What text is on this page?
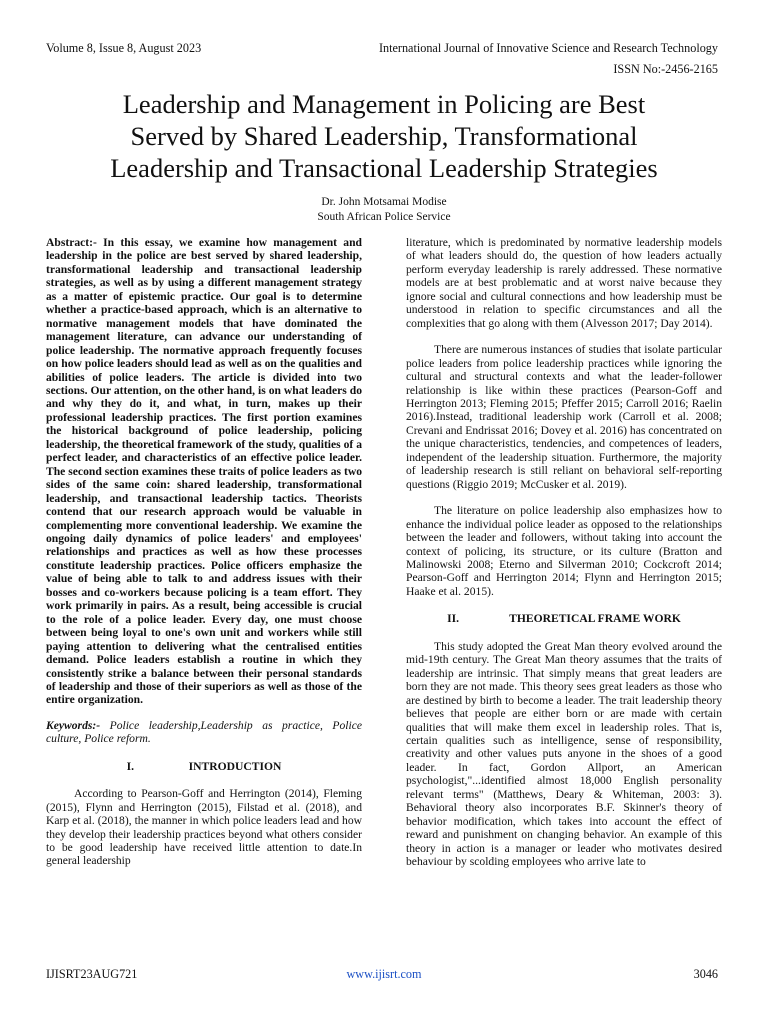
Volume 8, Issue 8, August 2023	International Journal of Innovative Science and Research Technology
ISSN No:-2456-2165
Leadership and Management in Policing are Best
Served by Shared Leadership, Transformational
Leadership and Transactional Leadership Strategies
Dr. John Motsamai Modise
South African Police Service

Abstract:- In this essay, we examine how management and leadership in the police are best served by shared leadership, transformational leadership and transactional leadership strategies, as well as by using a different management strategy as a matter of epistemic practice. Our goal is to determine whether a practice-based approach, which is an alternative to normative management models that have dominated the management literature, can advance our understanding of police leadership. The normative approach frequently focuses on how police leaders should lead as well as on the qualities and abilities of police leaders. The article is divided into two sections. Our attention, on the other hand, is on what leaders do and why they do it, and what, in turn, makes up their professional leadership practices. The first portion examines the historical background of police leadership, policing leadership, the theoretical framework of the study, qualities of a perfect leader, and characteristics of an effective police leader. The second section examines these traits of police leaders as two sides of the same coin: shared leadership, transformational leadership, and transactional leadership tactics. Theorists contend that our research approach would be valuable in complementing more conventional leadership. We examine the ongoing daily dynamics of police leaders' and employees' relationships and practices as well as how these processes constitute leadership practices. Police officers emphasize the value of being able to talk to and address issues with their bosses and co-workers because policing is a team effort. They work primarily in pairs. As a result, being accessible is crucial to the role of a police leader. Every day, one must choose between being loyal to one's own unit and workers while still paying attention to delivering what the centralised entities demand. Police leaders establish a routine in which they consistently strike a balance between their personal standards of leadership and those of their superiors as well as those of the entire organization.

Keywords:- Police leadership,Leadership as practice, Police culture, Police reform.

I.	INTRODUCTION

According to Pearson-Goff and Herrington (2014), Fleming (2015), Flynn and Herrington (2015), Filstad et al. (2018), and Karp et al. (2018), the manner in which police leaders lead and how they develop their leadership practices beyond what others consider to be good leadership have received little attention to date.In general leadership

literature, which is predominated by normative leadership models of what leaders should do, the question of how leaders actually perform everyday leadership is rarely addressed. These normative models are at best problematic and at worst naive because they ignore social and cultural connections and how leadership must be understood in relation to specific circumstances and all the complexities that go along with them (Alvesson 2017; Day 2014).

There are numerous instances of studies that isolate particular police leaders from police leadership practices while ignoring the cultural and structural contexts and what the leader-follower relationship is like within these practices (Pearson-Goff and Herrington 2013; Fleming 2015; Pfeffer 2015; Carroll 2016; Raelin 2016).Instead, traditional leadership work (Carroll et al. 2008; Crevani and Endrissat 2016; Dovey et al. 2016) has concentrated on the unique characteristics, tendencies, and competences of leaders, independent of the leadership situation. Furthermore, the majority of leadership research is still reliant on behavioral self-reporting questions (Riggio 2019; McCusker et al. 2019).

The literature on police leadership also emphasizes how to enhance the individual police leader as opposed to the relationships between the leader and followers, without taking into account the context of policing, its structure, or its culture (Bratton and Malinowski 2008; Eterno and Silverman 2010; Cockcroft 2014; Pearson-Goff and Herrington 2014; Flynn and Herrington 2015; Haake et al. 2015).

II.	THEORETICAL FRAME WORK

This study adopted the Great Man theory evolved around the mid-19th century. The Great Man theory assumes that the traits of leadership are intrinsic. That simply means that great leaders are born they are not made. This theory sees great leaders as those who are destined by birth to become a leader. The trait leadership theory believes that people are either born or are made with certain qualities that will make them excel in leadership roles. That is, certain qualities such as intelligence, sense of responsibility, creativity and other values puts anyone in the shoes of a good leader. In fact, Gordon Allport, an American psychologist,"...identified almost 18,000 English personality relevant terms" (Matthews, Deary & Whiteman, 2003: 3). Behavioral theory also incorporates B.F. Skinner's theory of behavior modification, which takes into account the effect of reward and punishment on changing behavior. An example of this theory in action is a manager or leader who motivates desired behaviour by scolding employees who arrive late to

IJISRT23AUG721	www.ijisrt.com	3046
